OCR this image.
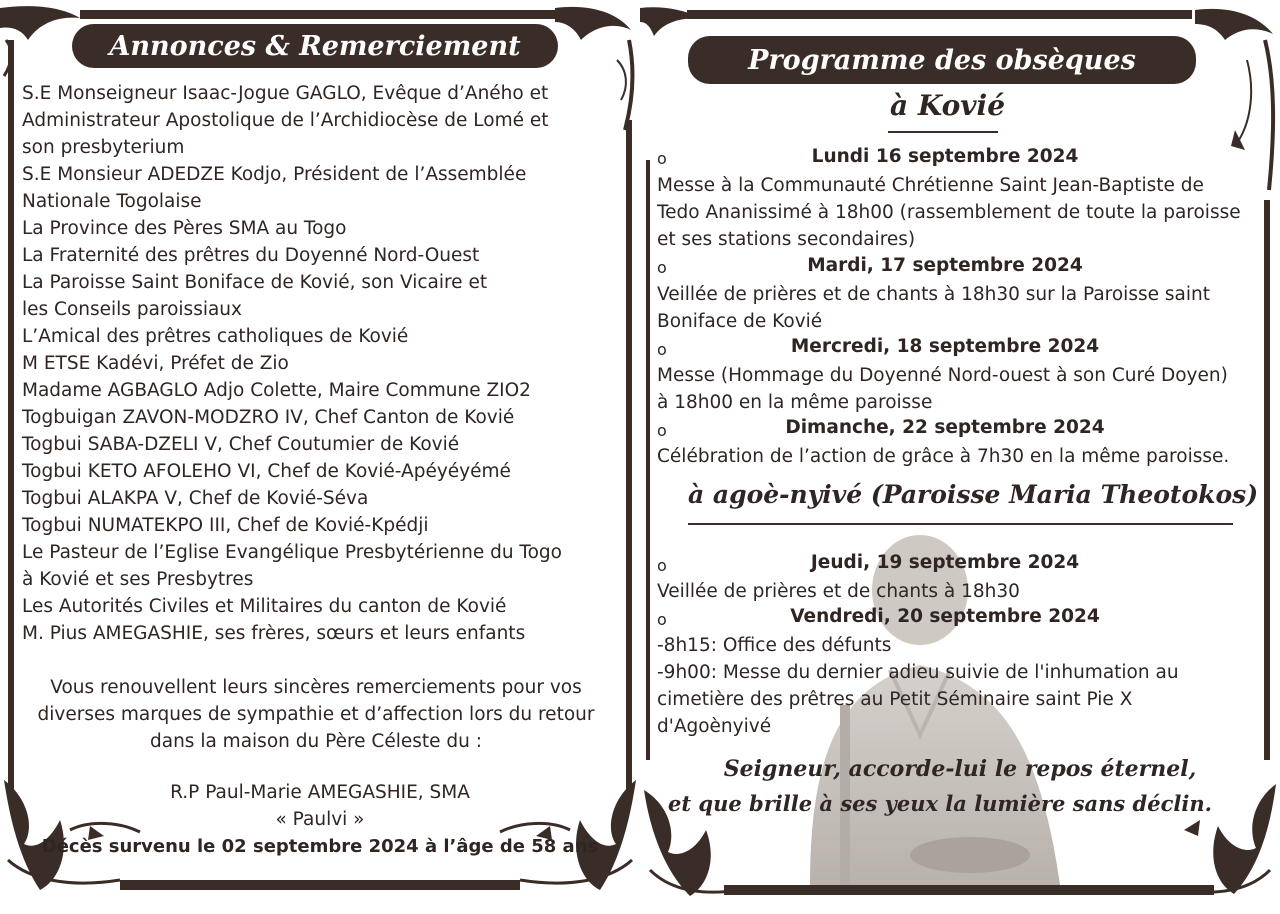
Annonces & Remerciement
S.E Monseigneur Isaac-Jogue GAGLO, Evêque d’Aného et
Administrateur Apostolique de l’Archidiocèse de Lomé et
son presbyterium
S.E Monsieur ADEDZE Kodjo, Président de l’Assemblée
Nationale Togolaise
La Province des Pères SMA au Togo
La Fraternité des prêtres du Doyenné Nord-Ouest
La Paroisse Saint Boniface de Kovié, son Vicaire et
les Conseils paroissiaux
L’Amical des prêtres catholiques de Kovié
M ETSE Kadévi, Préfet de Zio
Madame AGBAGLO Adjo Colette, Maire Commune ZIO2
Togbuigan ZAVON-MODZRO IV, Chef Canton de Kovié
Togbui SABA-DZELI V, Chef Coutumier de Kovié
Togbui KETO AFOLEHO VI, Chef de Kovié-Apéyéyémé
Togbui ALAKPA V, Chef de Kovié-Séva
Togbui NUMATEKPO III, Chef de Kovié-Kpédji
Le Pasteur de l’Eglise Evangélique Presbytérienne du Togo
à Kovié et ses Presbytres
Les Autorités Civiles et Militaires du canton de Kovié
M. Pius AMEGASHIE, ses frères, sœurs et leurs enfants
Vous renouvellent leurs sincères remerciements pour vos
diverses marques de sympathie et d’affection lors du retour
dans la maison du Père Céleste du :
R.P Paul-Marie AMEGASHIE, SMA
« Paulvi »
Décès survenu le 02 septembre 2024 à l’âge de 58 ans
Programme des obsèques
à Kovié
o	Lundi 16 septembre 2024
Messe à la Communauté Chrétienne Saint Jean-Baptiste de
Tedo Ananissimé à 18h00 (rassemblement de toute la paroisse
et ses stations secondaires)
o	Mardi, 17 septembre 2024
Veillée de prières et de chants à 18h30 sur la Paroisse saint
Boniface de Kovié
o	Mercredi, 18 septembre 2024
Messe (Hommage du Doyenné Nord-ouest à son Curé Doyen)
à 18h00 en la même paroisse
o	Dimanche, 22 septembre 2024
Célébration de l’action de grâce à 7h30 en la même paroisse.
à agoè-nyivé (Paroisse Maria Theotokos)
o	Jeudi, 19 septembre 2024
Veillée de prières et de chants à 18h30
o	Vendredi, 20 septembre 2024
-8h15: Office des défunts
-9h00: Messe du dernier adieu suivie de l'inhumation au
cimetière des prêtres au Petit Séminaire saint Pie X
d'Agoènyivé
Seigneur, accorde-lui le repos éternel,
et que brille à ses yeux la lumière sans déclin.
